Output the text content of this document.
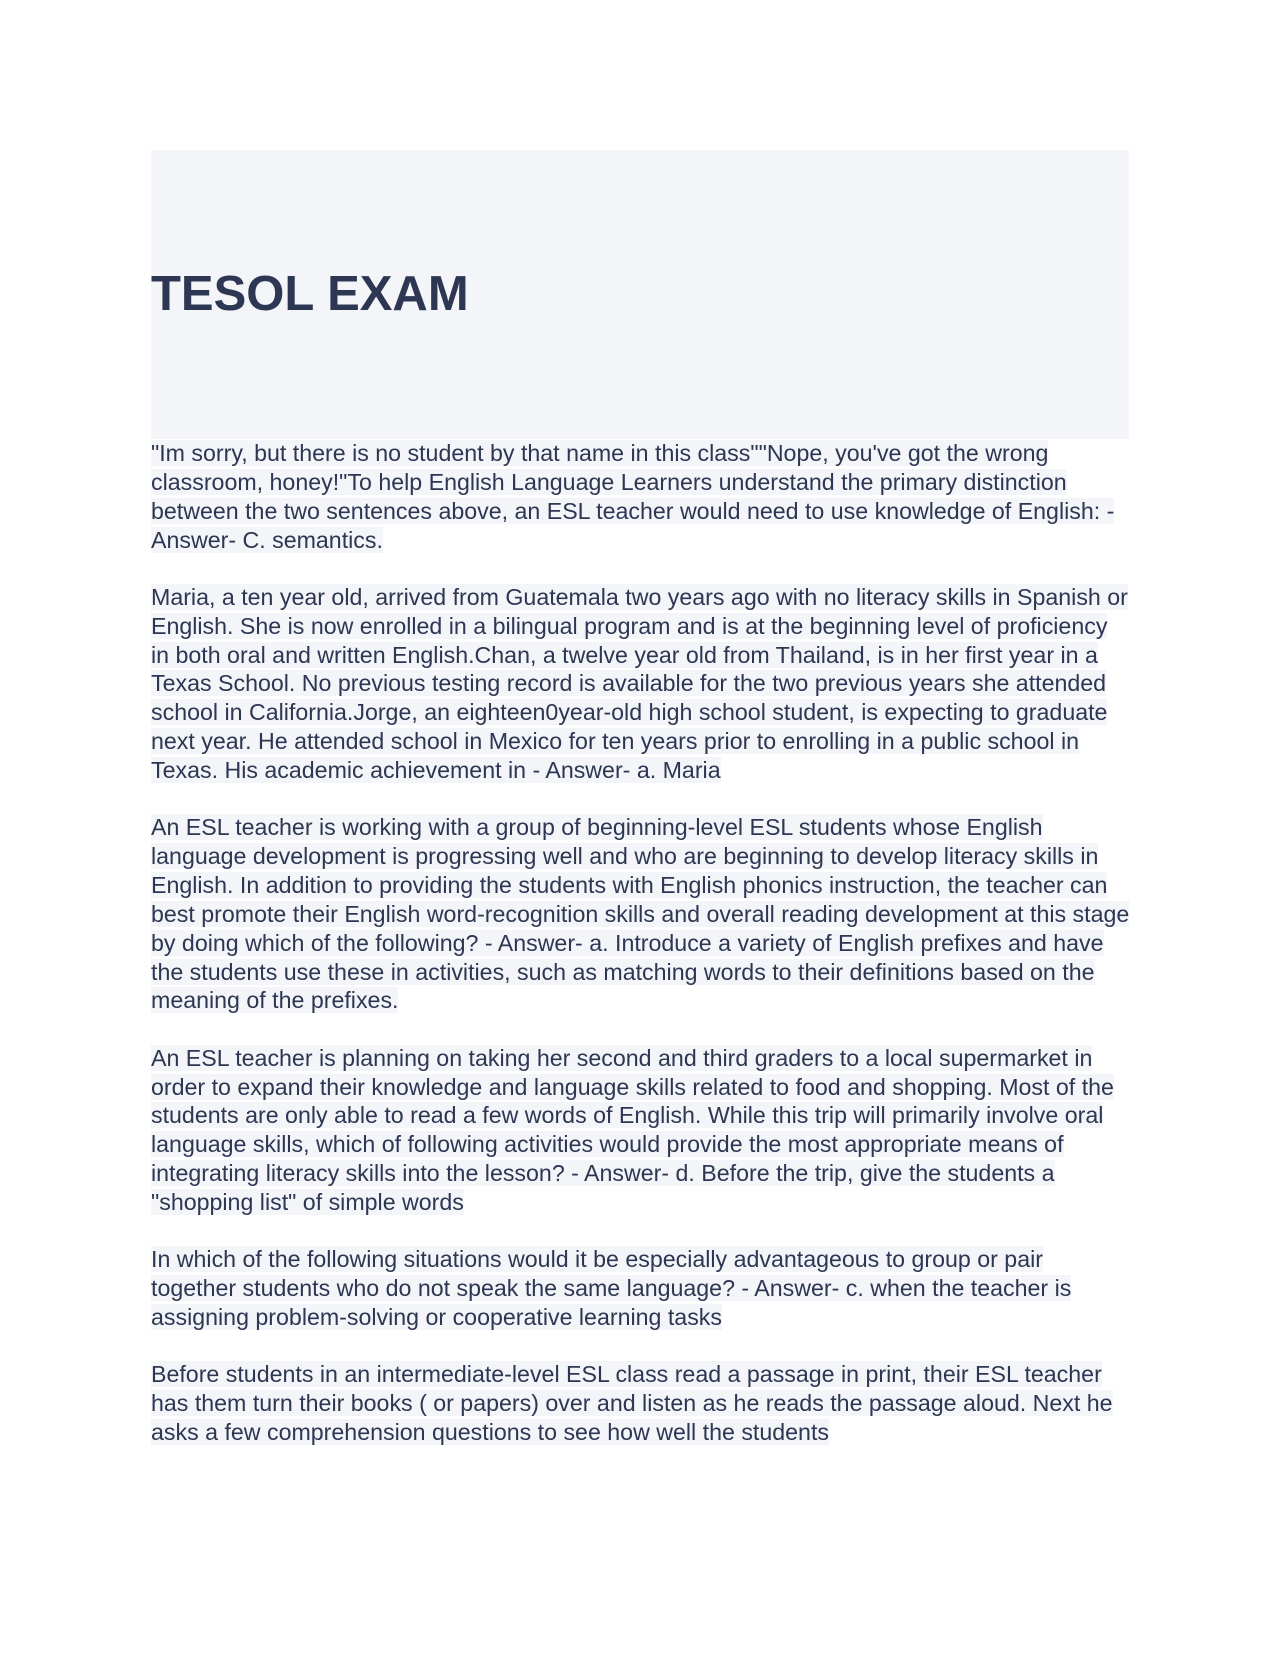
TESOL EXAM

"Im sorry, but there is no student by that name in this class""Nope, you've got the wrong classroom, honey!"To help English Language Learners understand the primary distinction between the two sentences above, an ESL teacher would need to use knowledge of English: - Answer- C. semantics.

Maria, a ten year old, arrived from Guatemala two years ago with no literacy skills in Spanish or English. She is now enrolled in a bilingual program and is at the beginning level of proficiency in both oral and written English.Chan, a twelve year old from Thailand, is in her first year in a Texas School. No previous testing record is available for the two previous years she attended school in California.Jorge, an eighteen0year-old high school student, is expecting to graduate next year. He attended school in Mexico for ten years prior to enrolling in a public school in Texas. His academic achievement in - Answer- a. Maria

An ESL teacher is working with a group of beginning-level ESL students whose English language development is progressing well and who are beginning to develop literacy skills in English. In addition to providing the students with English phonics instruction, the teacher can best promote their English word-recognition skills and overall reading development at this stage by doing which of the following? - Answer- a. Introduce a variety of English prefixes and have the students use these in activities, such as matching words to their definitions based on the meaning of the prefixes.

An ESL teacher is planning on taking her second and third graders to a local supermarket in order to expand their knowledge and language skills related to food and shopping. Most of the students are only able to read a few words of English. While this trip will primarily involve oral language skills, which of following activities would provide the most appropriate means of integrating literacy skills into the lesson? - Answer- d. Before the trip, give the students a "shopping list" of simple words

In which of the following situations would it be especially advantageous to group or pair together students who do not speak the same language? - Answer- c. when the teacher is assigning problem-solving or cooperative learning tasks

Before students in an intermediate-level ESL class read a passage in print, their ESL teacher has them turn their books ( or papers) over and listen as he reads the passage aloud. Next he asks a few comprehension questions to see how well the students
